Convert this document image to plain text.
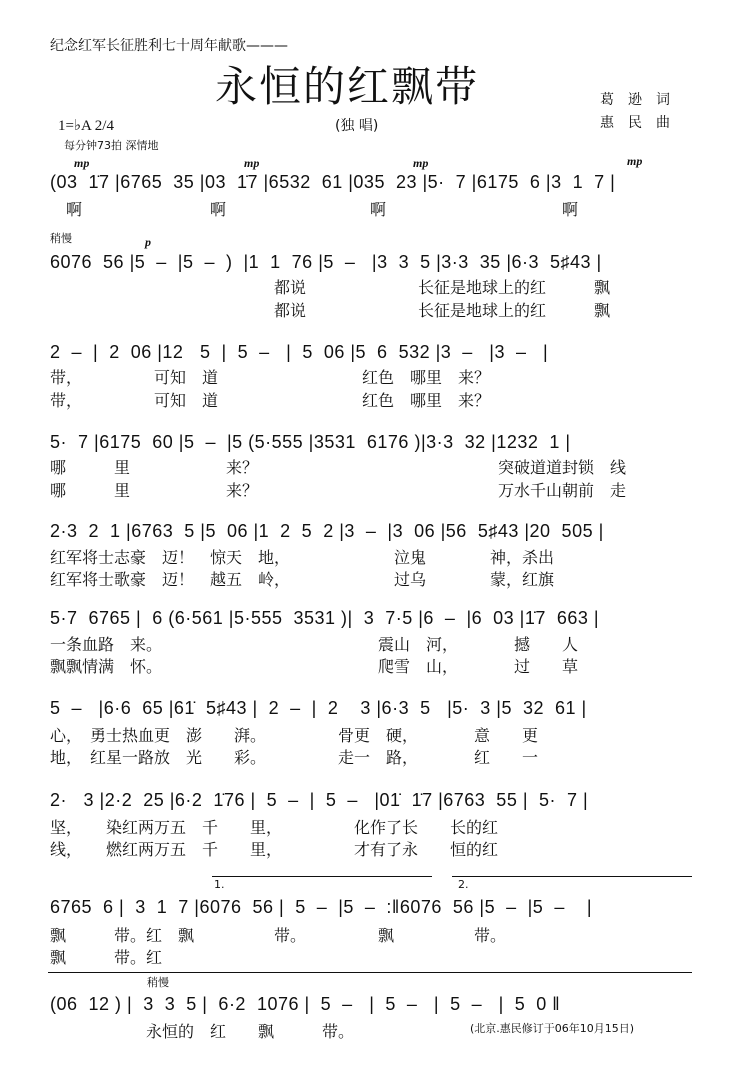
纪念红军长征胜利七十周年献歌———
永恒的红飘带	葛逊词
惠民曲
1=♭A 2/4	(独 唱)
每分钟73拍 深情地
mp	mp	mp	mp
p
稍慢
稍慢
1.	2.
(03  1̇7 |6765  35 |03  1̇7 |6532  61 |035  23 |5·  7 |6175  6 |3  1  7 |
　啊　　　　　　　　啊　　　　　　　　　啊　　　　　　　　　　　啊
6076  56 |5  –  |5  –  )  |1  1  76 |5  –   |3  3  5 |3·3  35 |6·3  5♯43 |
　　　　　　　　　　　　　　都说　　　　　　　长征是地球上的红　　　飘
　　　　　　　　　　　　　　都说　　　　　　　长征是地球上的红　　　飘
2  –  |  2  06 |12   5  |  5  –   |  5  06 |5  6  532 |3  –   |3  –   |
带，　　　　　可知　道　　　　　　　　　红色　哪里　来？
带，　　　　　可知　道　　　　　　　　　红色　哪里　来？
5·  7 |6175  60 |5  –  |5 (5·555 |3531  6176 )|3·3  32 |1232  1 |
哪　　　里　　　　　　来？　　　　　　　　　　　　　　　突破道道封锁　线
哪　　　里　　　　　　来？　　　　　　　　　　　　　　　万水千山朝前　走
2·3  2  1 |6763  5 |5  06 |1  2  5  2 |3  –  |3  06 |56  5♯43 |20  505 |
红军将士志豪　迈！　惊天　地，　　　　　　　泣鬼　　　　神，杀出
红军将士歌豪　迈！　越五　岭，　　　　　　　过乌　　　　蒙，红旗
5·7  6765 |  6 (6·561 |5·555  3531 )|  3  7·5 |6  –  |6  03 |1̇7  663 |
一条血路　来。　　　　　　　　　　　　　　震山　河，　　　　撼　　人
飘飘情满　怀。　　　　　　　　　　　　　　爬雪　山，　　　　过　　草
5  –   |6·6  65 |61̇  5♯43 |  2  –  |  2    3 |6·3  5   |5·  3 |5  32  61 |
心，　勇士热血更　澎　　湃。　　　　　骨更　硬，　　　　意　　更
地，　红星一路放　光　　彩。　　　　　走一　路，　　　　红　　一
2·   3 |2·2  25 |6·2  1̇76 |  5  –  |  5  –   |01̇  1̇7 |6763  55 |  5·  7 |
坚，　　染红两万五　千　　里，　　　　　化作了长　　长的红
线，　　燃红两万五　千　　里，　　　　　才有了永　　恒的红
6765  6 |  3  1  7 |6076  56 |  5  –  |5  –  :‖6076  56 |5  –  |5  –    |
飘　　　带。红　飘　　　　　带。　　　　　飘　　　　　带。
飘　　　带。红
(06  12 ) |  3  3  5 |  6·2  1076 |  5  –   |  5  –   |  5  –   |  5  0 ‖
　　　　　　永恒的　红　　飘　　　带。	(北京.惠民修订于06年10月15日)
